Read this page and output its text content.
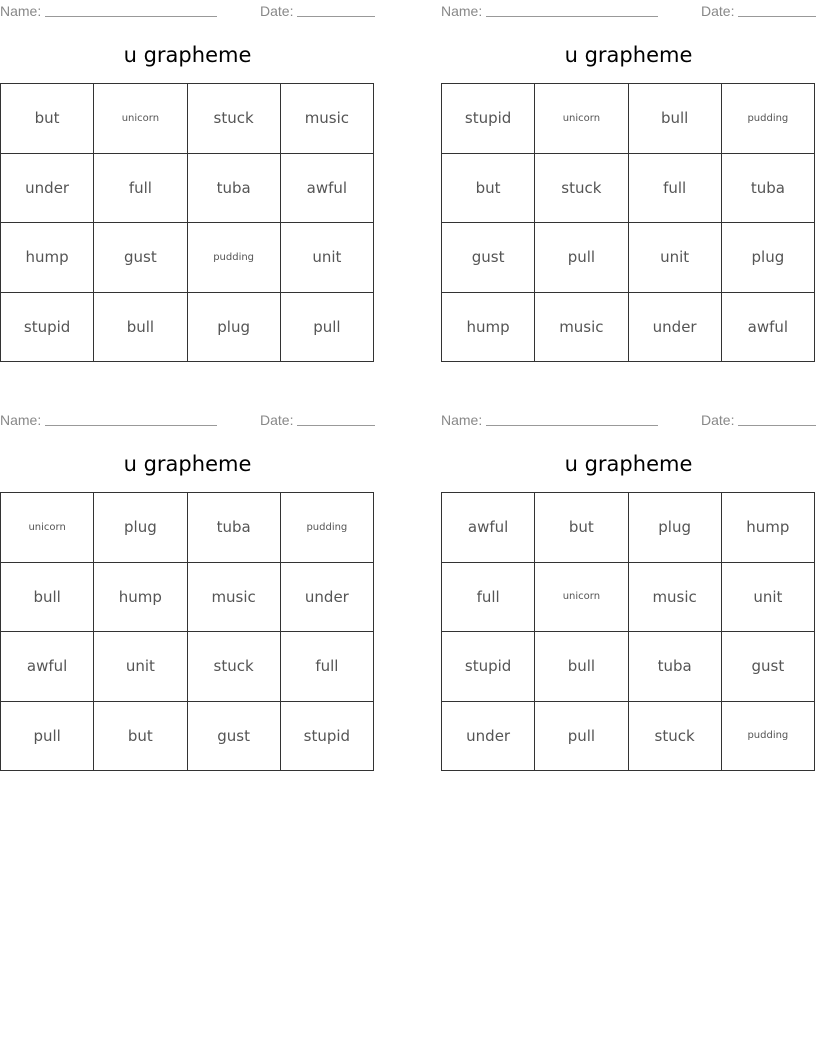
Name:	Date:
u grapheme
but	unicorn	stuck	music
under	full	tuba	awful
hump	gust	pudding	unit
stupid	bull	plug	pull
Name:	Date:
u grapheme
stupid	unicorn	bull	pudding
but	stuck	full	tuba
gust	pull	unit	plug
hump	music	under	awful
Name:	Date:
u grapheme
unicorn	plug	tuba	pudding
bull	hump	music	under
awful	unit	stuck	full
pull	but	gust	stupid
Name:	Date:
u grapheme
awful	but	plug	hump
full	unicorn	music	unit
stupid	bull	tuba	gust
under	pull	stuck	pudding
